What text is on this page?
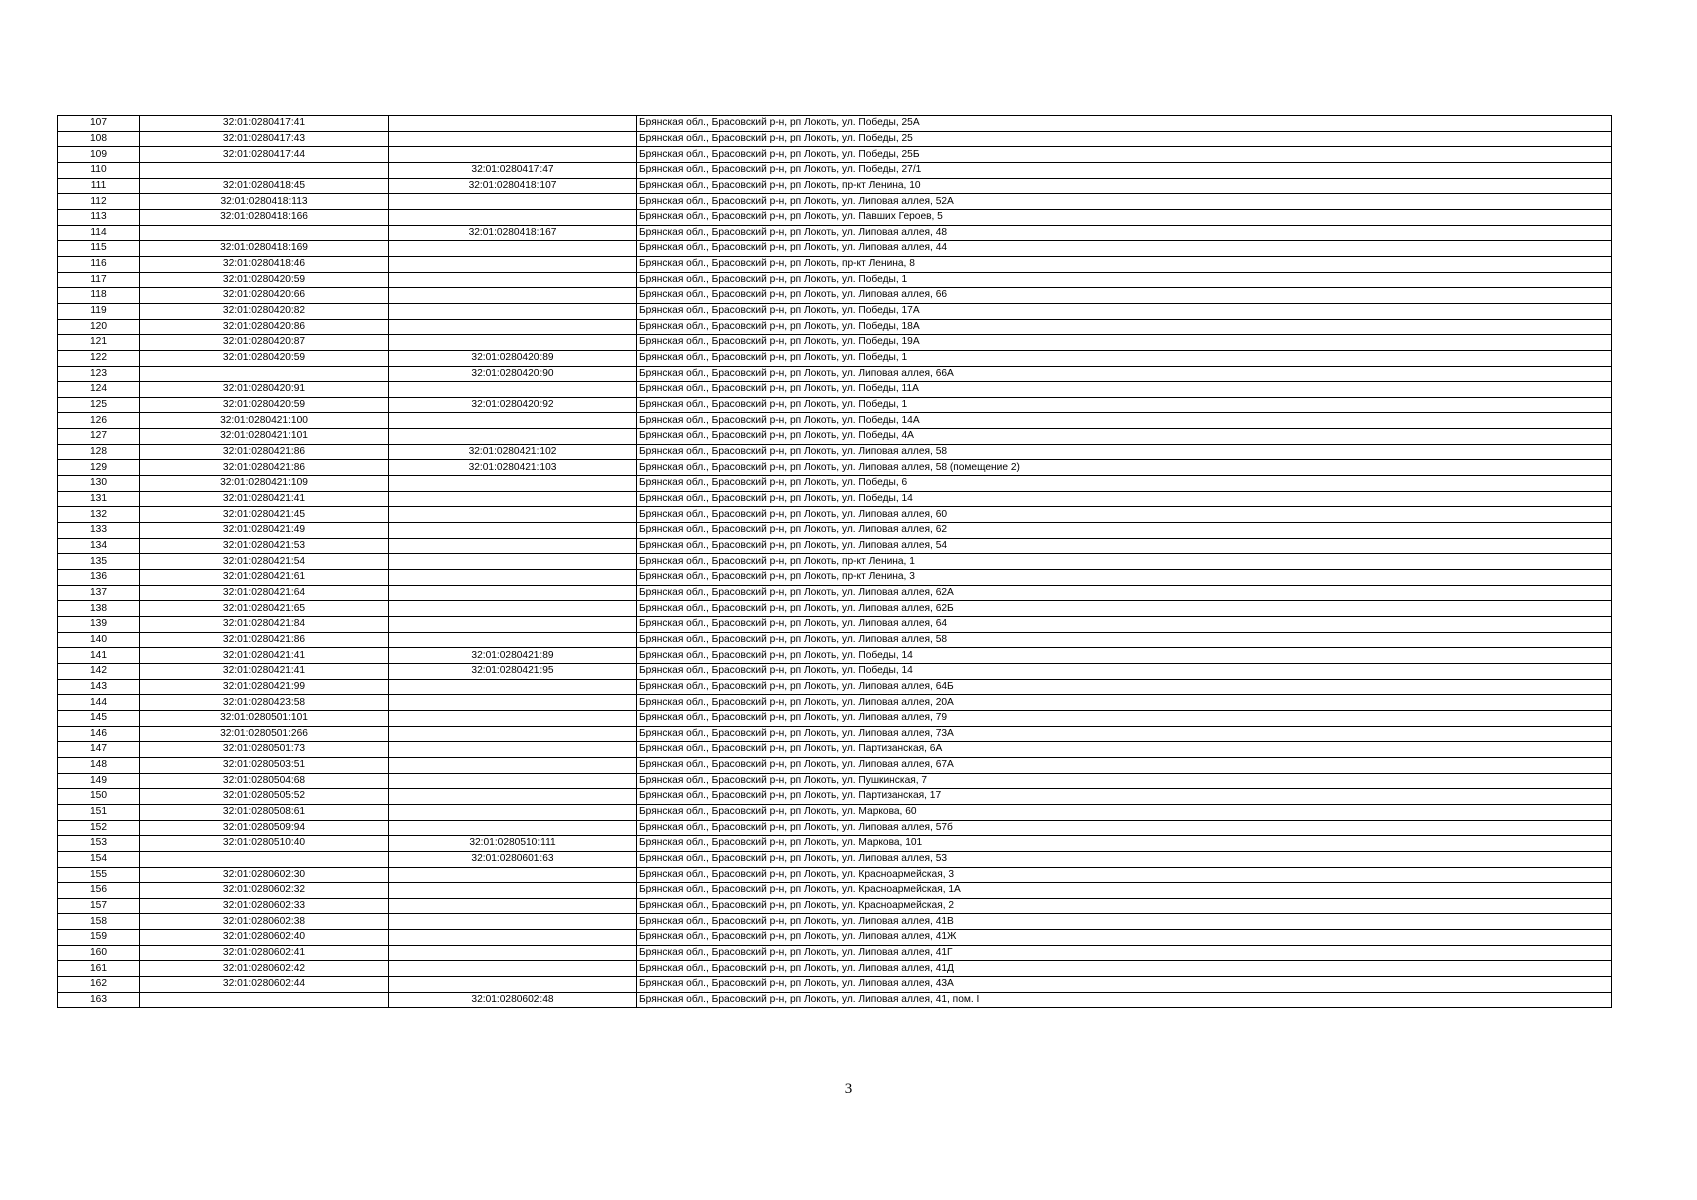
107	32:01:0280417:41		Брянская обл., Брасовский р-н, рп Локоть, ул. Победы, 25А
108	32:01:0280417:43		Брянская обл., Брасовский р-н, рп Локоть, ул. Победы, 25
109	32:01:0280417:44		Брянская обл., Брасовский р-н, рп Локоть, ул. Победы, 25Б
110		32:01:0280417:47	Брянская обл., Брасовский р-н, рп Локоть, ул. Победы, 27/1
111	32:01:0280418:45	32:01:0280418:107	Брянская обл., Брасовский р-н, рп Локоть, пр-кт Ленина, 10
112	32:01:0280418:113		Брянская обл., Брасовский р-н, рп Локоть, ул. Липовая аллея, 52А
113	32:01:0280418:166		Брянская обл., Брасовский р-н, рп Локоть, ул. Павших Героев, 5
114		32:01:0280418:167	Брянская обл., Брасовский р-н, рп Локоть, ул. Липовая аллея, 48
115	32:01:0280418:169		Брянская обл., Брасовский р-н, рп Локоть, ул. Липовая аллея, 44
116	32:01:0280418:46		Брянская обл., Брасовский р-н, рп Локоть, пр-кт Ленина, 8
117	32:01:0280420:59		Брянская обл., Брасовский р-н, рп Локоть, ул. Победы, 1
118	32:01:0280420:66		Брянская обл., Брасовский р-н, рп Локоть, ул. Липовая аллея, 66
119	32:01:0280420:82		Брянская обл., Брасовский р-н, рп Локоть, ул. Победы, 17А
120	32:01:0280420:86		Брянская обл., Брасовский р-н, рп Локоть, ул. Победы, 18А
121	32:01:0280420:87		Брянская обл., Брасовский р-н, рп Локоть, ул. Победы, 19А
122	32:01:0280420:59	32:01:0280420:89	Брянская обл., Брасовский р-н, рп Локоть, ул. Победы, 1
123		32:01:0280420:90	Брянская обл., Брасовский р-н, рп Локоть, ул. Липовая аллея, 66А
124	32:01:0280420:91		Брянская обл., Брасовский р-н, рп Локоть, ул. Победы, 11А
125	32:01:0280420:59	32:01:0280420:92	Брянская обл., Брасовский р-н, рп Локоть, ул. Победы, 1
126	32:01:0280421:100		Брянская обл., Брасовский р-н, рп Локоть, ул. Победы, 14А
127	32:01:0280421:101		Брянская обл., Брасовский р-н, рп Локоть, ул. Победы, 4А
128	32:01:0280421:86	32:01:0280421:102	Брянская обл., Брасовский р-н, рп Локоть, ул. Липовая аллея, 58
129	32:01:0280421:86	32:01:0280421:103	Брянская обл., Брасовский р-н, рп Локоть, ул. Липовая аллея, 58 (помещение 2)
130	32:01:0280421:109		Брянская обл., Брасовский р-н, рп Локоть, ул. Победы, 6
131	32:01:0280421:41		Брянская обл., Брасовский р-н, рп Локоть, ул. Победы, 14
132	32:01:0280421:45		Брянская обл., Брасовский р-н, рп Локоть, ул. Липовая аллея, 60
133	32:01:0280421:49		Брянская обл., Брасовский р-н, рп Локоть, ул. Липовая аллея, 62
134	32:01:0280421:53		Брянская обл., Брасовский р-н, рп Локоть, ул. Липовая аллея, 54
135	32:01:0280421:54		Брянская обл., Брасовский р-н, рп Локоть, пр-кт Ленина, 1
136	32:01:0280421:61		Брянская обл., Брасовский р-н, рп Локоть, пр-кт Ленина, 3
137	32:01:0280421:64		Брянская обл., Брасовский р-н, рп Локоть, ул. Липовая аллея, 62А
138	32:01:0280421:65		Брянская обл., Брасовский р-н, рп Локоть, ул. Липовая аллея, 62Б
139	32:01:0280421:84		Брянская обл., Брасовский р-н, рп Локоть, ул. Липовая аллея, 64
140	32:01:0280421:86		Брянская обл., Брасовский р-н, рп Локоть, ул. Липовая аллея, 58
141	32:01:0280421:41	32:01:0280421:89	Брянская обл., Брасовский р-н, рп Локоть, ул. Победы, 14
142	32:01:0280421:41	32:01:0280421:95	Брянская обл., Брасовский р-н, рп Локоть, ул. Победы, 14
143	32:01:0280421:99		Брянская обл., Брасовский р-н, рп Локоть, ул. Липовая аллея, 64Б
144	32:01:0280423:58		Брянская обл., Брасовский р-н, рп Локоть, ул. Липовая аллея, 20А
145	32:01:0280501:101		Брянская обл., Брасовский р-н, рп Локоть, ул. Липовая аллея, 79
146	32:01:0280501:266		Брянская обл., Брасовский р-н, рп Локоть, ул. Липовая аллея, 73А
147	32:01:0280501:73		Брянская обл., Брасовский р-н, рп Локоть, ул. Партизанская, 6А
148	32:01:0280503:51		Брянская обл., Брасовский р-н, рп Локоть, ул. Липовая аллея, 67А
149	32:01:0280504:68		Брянская обл., Брасовский р-н, рп Локоть, ул. Пушкинская, 7
150	32:01:0280505:52		Брянская обл., Брасовский р-н, рп Локоть, ул. Партизанская, 17
151	32:01:0280508:61		Брянская обл., Брасовский р-н, рп Локоть, ул. Маркова, 60
152	32:01:0280509:94		Брянская обл., Брасовский р-н, рп Локоть, ул. Липовая аллея, 57б
153	32:01:0280510:40	32:01:0280510:111	Брянская обл., Брасовский р-н, рп Локоть, ул. Маркова, 101
154		32:01:0280601:63	Брянская обл., Брасовский р-н, рп Локоть, ул. Липовая аллея, 53
155	32:01:0280602:30		Брянская обл., Брасовский р-н, рп Локоть, ул. Красноармейская, 3
156	32:01:0280602:32		Брянская обл., Брасовский р-н, рп Локоть, ул. Красноармейская, 1А
157	32:01:0280602:33		Брянская обл., Брасовский р-н, рп Локоть, ул. Красноармейская, 2
158	32:01:0280602:38		Брянская обл., Брасовский р-н, рп Локоть, ул. Липовая аллея, 41В
159	32:01:0280602:40		Брянская обл., Брасовский р-н, рп Локоть, ул. Липовая аллея, 41Ж
160	32:01:0280602:41		Брянская обл., Брасовский р-н, рп Локоть, ул. Липовая аллея, 41Г
161	32:01:0280602:42		Брянская обл., Брасовский р-н, рп Локоть, ул. Липовая аллея, 41Д
162	32:01:0280602:44		Брянская обл., Брасовский р-н, рп Локоть, ул. Липовая аллея, 43А
163		32:01:0280602:48	Брянская обл., Брасовский р-н, рп Локоть, ул. Липовая аллея, 41, пом. I
3
